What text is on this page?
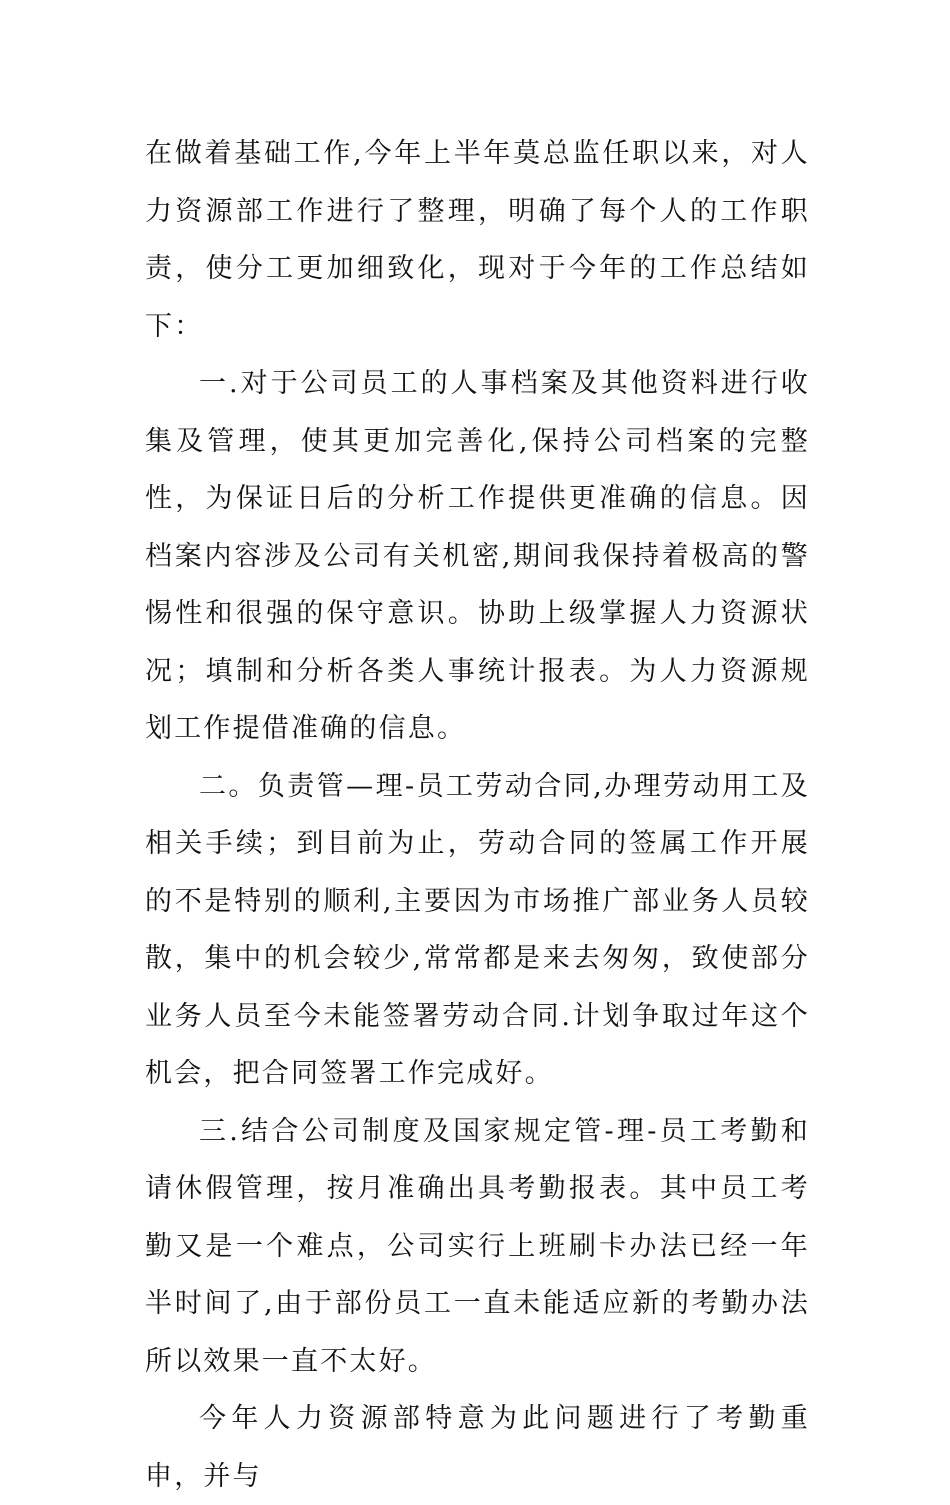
在做着基础工作,今年上半年莫总监任职以来，对人力资源部工作进行了整理，明确了每个人的工作职责，使分工更加细致化，现对于今年的工作总结如下：

一.对于公司员工的人事档案及其他资料进行收集及管理，使其更加完善化,保持公司档案的完整性，为保证日后的分析工作提供更准确的信息。因档案内容涉及公司有关机密,期间我保持着极高的警惕性和很强的保守意识。协助上级掌握人力资源状况；填制和分析各类人事统计报表。为人力资源规划工作提借准确的信息。

二。负责管—理-员工劳动合同,办理劳动用工及相关手续；到目前为止，劳动合同的签属工作开展的不是特别的顺利,主要因为市场推广部业务人员较散，集中的机会较少,常常都是来去匆匆，致使部分业务人员至今未能签署劳动合同.计划争取过年这个机会，把合同签署工作完成好。

三.结合公司制度及国家规定管-理-员工考勤和请休假管理，按月准确出具考勤报表。其中员工考勤又是一个难点，公司实行上班刷卡办法已经一年半时间了,由于部份员工一直未能适应新的考勤办法所以效果一直不太好。

今年人力资源部特意为此问题进行了考勤重申，并与
